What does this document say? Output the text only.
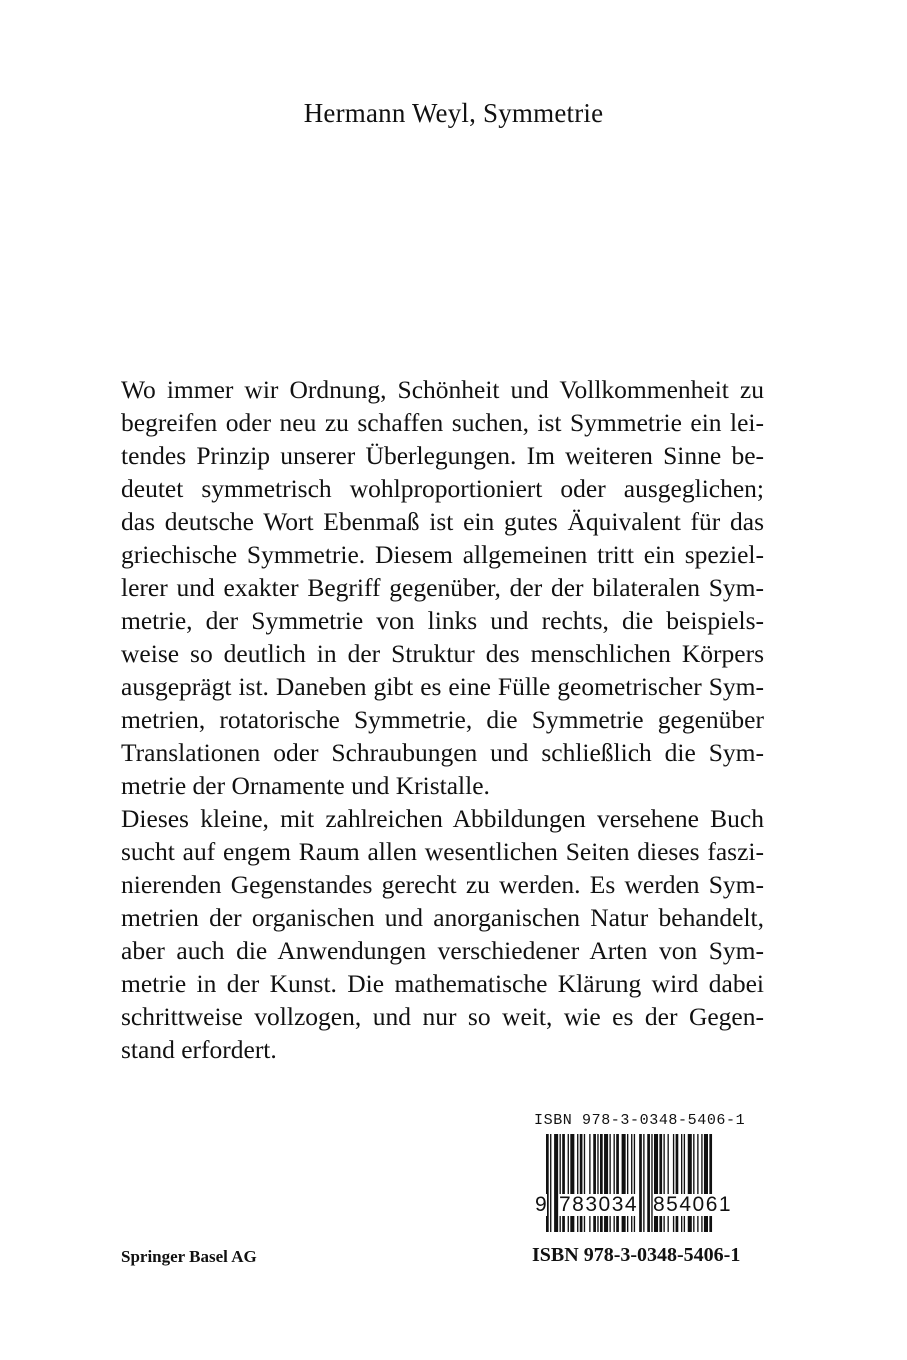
Hermann Weyl, Symmetrie
Wo immer wir Ordnung, Schönheit und Vollkommenheit zu
begreifen oder neu zu schaffen suchen, ist Symmetrie ein lei-
tendes Prinzip unserer Überlegungen. Im weiteren Sinne be-
deutet symmetrisch wohlproportioniert oder ausgeglichen;
das deutsche Wort Ebenmaß ist ein gutes Äquivalent für das
griechische Symmetrie. Diesem allgemeinen tritt ein speziel-
lerer und exakter Begriff gegenüber, der der bilateralen Sym-
metrie, der Symmetrie von links und rechts, die beispiels-
weise so deutlich in der Struktur des menschlichen Körpers
ausgeprägt ist. Daneben gibt es eine Fülle geometrischer Sym-
metrien, rotatorische Symmetrie, die Symmetrie gegenüber
Translationen oder Schraubungen und schließlich die Sym-
metrie der Ornamente und Kristalle.
Dieses kleine, mit zahlreichen Abbildungen versehene Buch
sucht auf engem Raum allen wesentlichen Seiten dieses faszi-
nierenden Gegenstandes gerecht zu werden. Es werden Sym-
metrien der organischen und anorganischen Natur behandelt,
aber auch die Anwendungen verschiedener Arten von Sym-
metrie in der Kunst. Die mathematische Klärung wird dabei
schrittweise vollzogen, und nur so weit, wie es der Gegen-
stand erfordert.
ISBN 978-3-0348-5406-1
9 783034 854061
Springer Basel AG	ISBN 978-3-0348-5406-1
